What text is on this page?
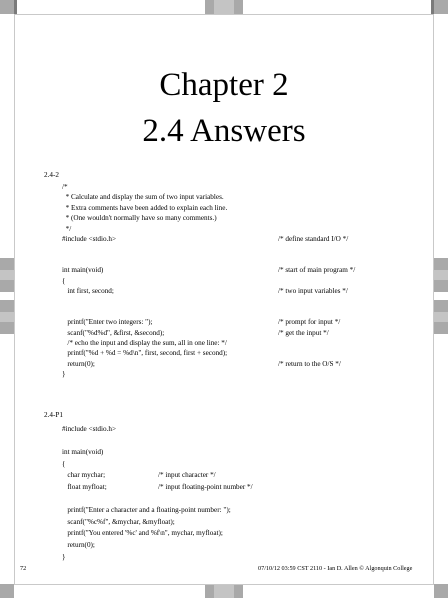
Chapter 2
2.4 Answers
2.4-2
/*
* Calculate and display the sum of two input variables.
* Extra comments have been added to explain each line.
* (One wouldn't normally have so many comments.)
*/
#include <stdio.h>
int main(void)
{
int first, second;
printf("Enter two integers: ");
scanf("%d%d", &first, &second);
/* echo the input and display the sum, all in one line: */
printf("%d + %d = %d\n", first, second, first + second);
return(0);
}
/* define standard I/O */
/* start of main program */
/* two input variables */
/* prompt for input */
/* get the input */
/* return to the O/S */
2.4-P1
#include <stdio.h>
int main(void)
{
char mychar;
float myfloat;
printf("Enter a character and a floating-point number: ");
scanf("%c%f", &mychar, &myfloat);
printf("You entered '%c' and %f\n", mychar, myfloat);
return(0);
}
/* input character */
/* input floating-point number */
72	07/10/12 03:59 CST 2110 - Ian D. Allen © Algonquin College
